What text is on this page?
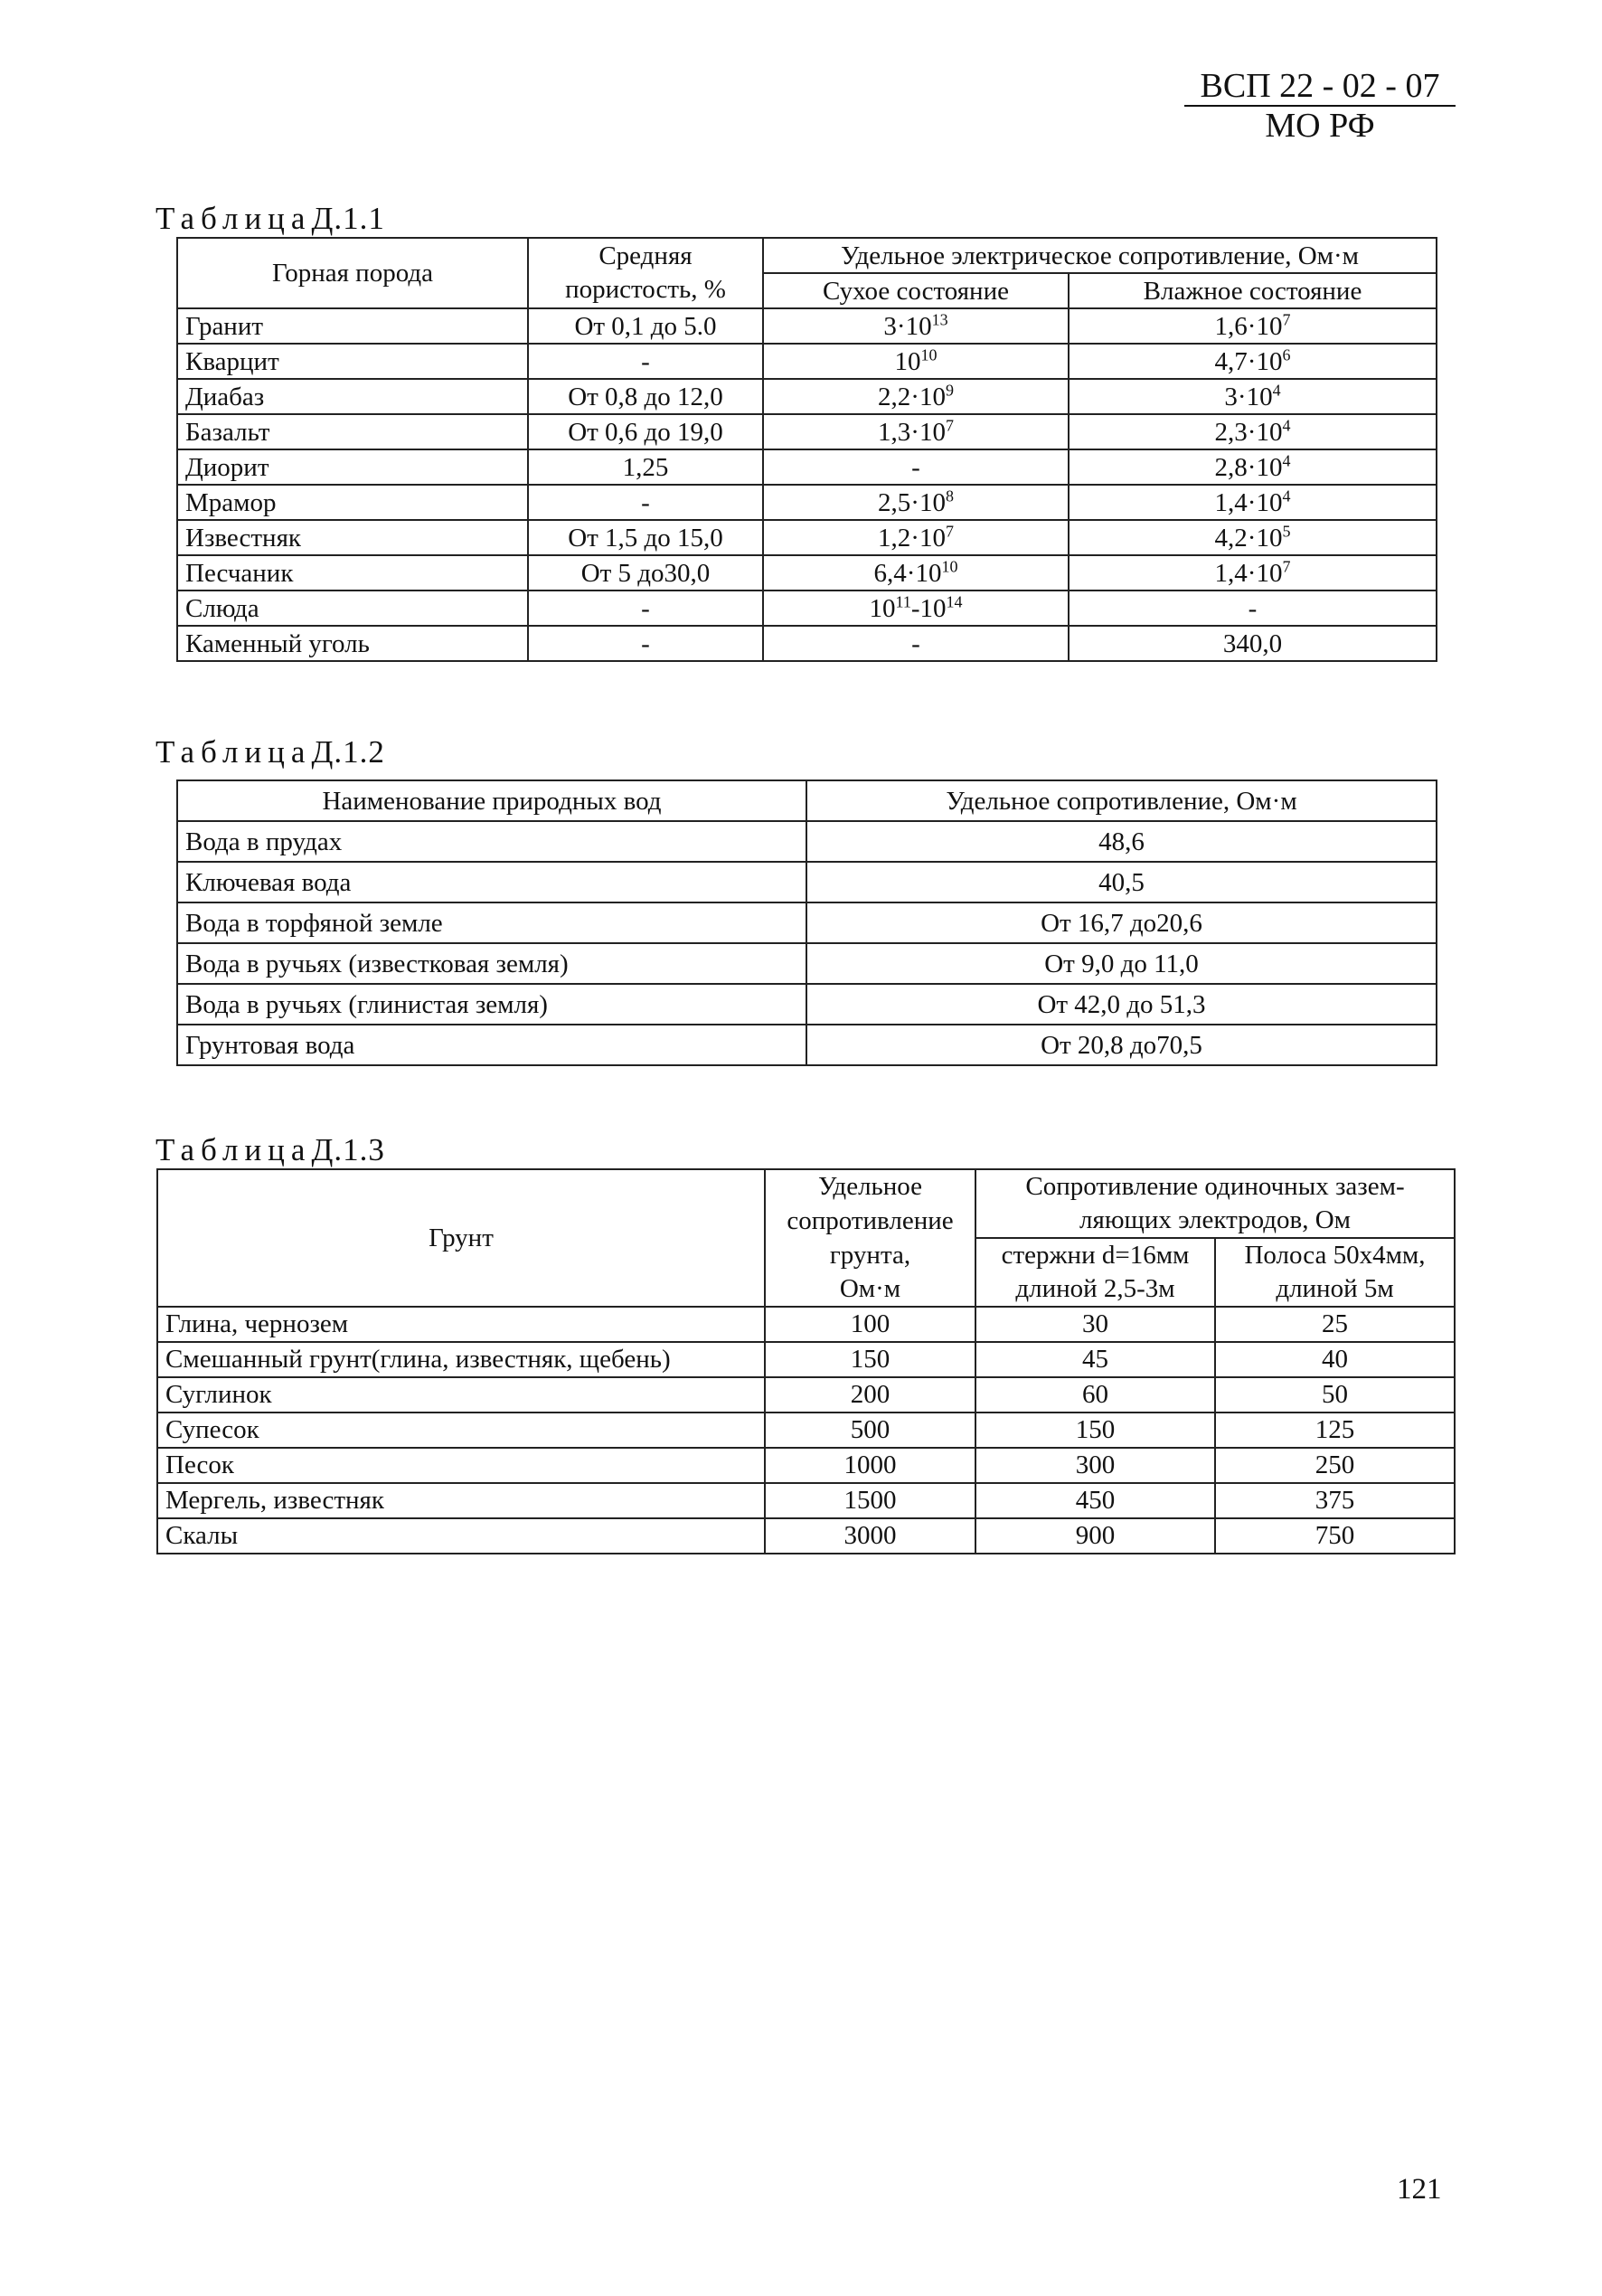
ВСП 22 - 02 - 07
МО РФ
ТаблицаД.1.1
Горная порода	Средняя пористость, %	Удельное электрическое сопротивление, Ом·м	
		Сухое состояние	Влажное состояние
Гранит	От 0,1 до 5.0	$3\cdot 10^{13}$	$1,6\cdot 10^7$
Кварцит	-	$10^{10}$	$4,7\cdot 10^6$
Диабаз	От 0,8 до 12,0	$2,2\cdot 10^9$	$3\cdot 10^4$
Базальт	От 0,6 до 19,0	$1,3\cdot 10^7$	$2,3\cdot 10^4$
Диорит	1,25	-	$2,8\cdot 10^4$
Мрамор	-	$2,5\cdot 10^8$	$1,4\cdot 10^4$
Известняк	От 1,5 до 15,0	$1,2\cdot 10^7$	$4,2\cdot 10^5$
Песчаник	От 5 до30,0	$6,4\cdot 10^{10}$	$1,4\cdot 10^7$
Слюда	-	$10^{11}-10^{14}$	-
Каменный уголь	-	-	340,0
ТаблицаД.1.2
Наименование природных вод	Удельное сопротивление, Ом·м
Вода в прудах	48,6
Ключевая вода	40,5
Вода в торфяной земле	От 16,7 до20,6
Вода в ручьях (известковая земля)	От 9,0 до 11,0
Вода в ручьях (глинистая земля)	От 42,0 до 51,3
Грунтовая вода	От 20,8 до70,5
ТаблицаД.1.3
Грунт	Удельное	Сопротивление одиночных зазем-	
	сопротивление	ляющих электродов, Ом	
	грунта,	стержни d=16мм	Полоса 50х4мм,
	Ом·м	длиной 2,5-3м	длиной 5м
Глина, чернозем	100	30	25
Смешанный грунт(глина, известняк, щебень)	150	45	40
Суглинок	200	60	50
Супесок	500	150	125
Песок	1000	300	250
Мергель, известняк	1500	450	375
Скалы	3000	900	750
121
